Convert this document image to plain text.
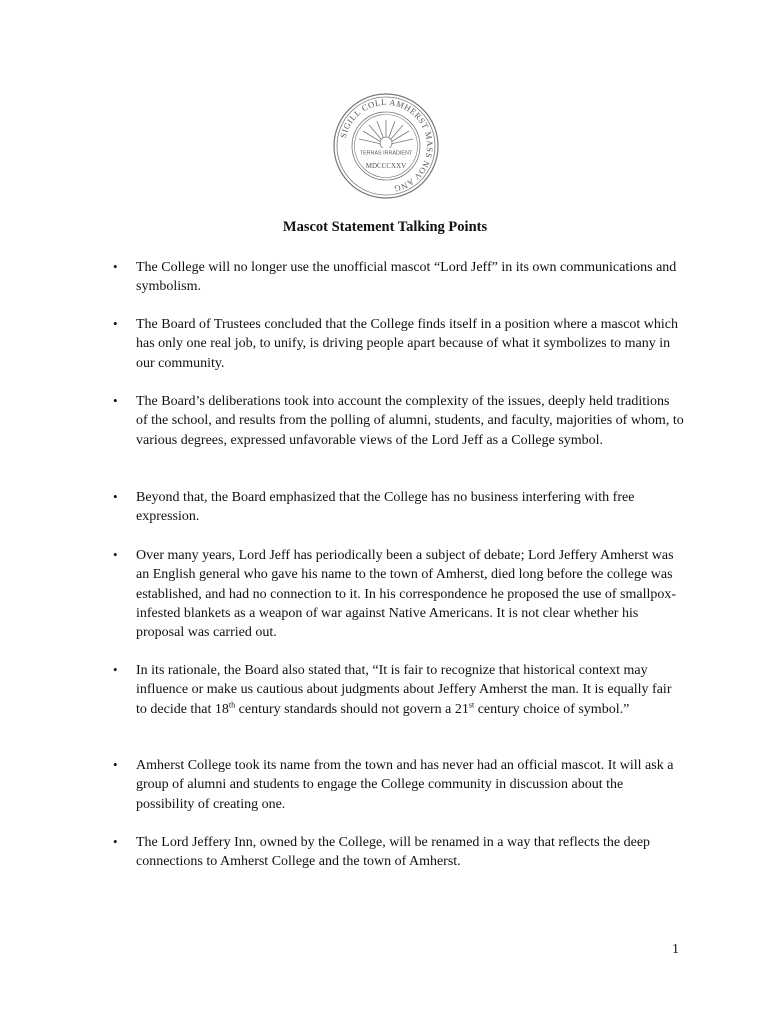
SIGILL COLL AMHERST MASS NOV ANG
TERRAS IRRADIENT
MDCCCXXV
Mascot Statement Talking Points
• The College will no longer use the unofficial mascot “Lord Jeff” in its own communications and symbolism.
• The Board of Trustees concluded that the College finds itself in a position where a mascot which has only one real job, to unify, is driving people apart because of what it symbolizes to many in our community.
• The Board’s deliberations took into account the complexity of the issues, deeply held traditions of the school, and results from the polling of alumni, students, and faculty, majorities of whom, to various degrees, expressed unfavorable views of the Lord Jeff as a College symbol.
• Beyond that, the Board emphasized that the College has no business interfering with free expression.
• Over many years, Lord Jeff has periodically been a subject of debate; Lord Jeffery Amherst was an English general who gave his name to the town of Amherst, died long before the college was established, and had no connection to it. In his correspondence he proposed the use of smallpox-infested blankets as a weapon of war against Native Americans. It is not clear whether his proposal was carried out.
• In its rationale, the Board also stated that, “It is fair to recognize that historical context may influence or make us cautious about judgments about Jeffery Amherst the man. It is equally fair to decide that 18th century standards should not govern a 21st century choice of symbol.”
• Amherst College took its name from the town and has never had an official mascot. It will ask a group of alumni and students to engage the College community in discussion about the possibility of creating one.
• The Lord Jeffery Inn, owned by the College, will be renamed in a way that reflects the deep connections to Amherst College and the town of Amherst.
1
